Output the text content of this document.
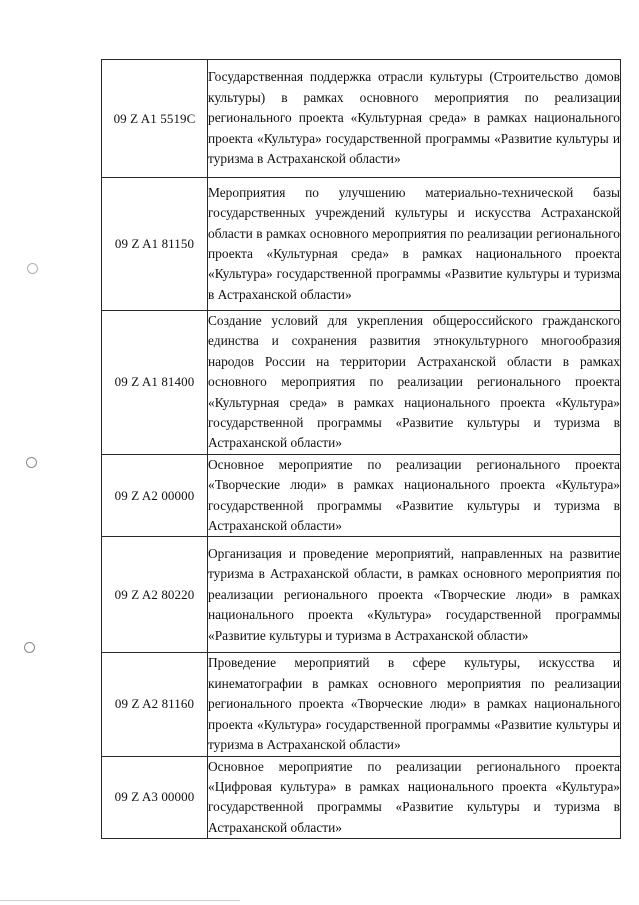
09 Z A1 5519C	Государственная поддержка отрасли культуры (Строительство домов культуры) в рамках основного мероприятия по реализации регионального проекта «Культурная среда» в рамках национального проекта «Культура» государственной программы «Развитие культуры и туризма в Астраханской области»
09 Z A1 81150	Мероприятия по улучшению материально-технической базы государственных учреждений культуры и искусства Астраханской области в рамках основного мероприятия по реализации регионального проекта «Культурная среда» в рамках национального проекта «Культура» государственной программы «Развитие культуры и туризма в Астраханской области»
09 Z A1 81400	Создание условий для укрепления общероссийского гражданского единства и сохранения развития этнокультурного многообразия народов России на территории Астраханской области в рамках основного мероприятия по реализации регионального проекта «Культурная среда» в рамках национального проекта «Культура» государственной программы «Развитие культуры и туризма в Астраханской области»
09 Z A2 00000	Основное мероприятие по реализации регионального проекта «Творческие люди» в рамках национального проекта «Культура» государственной программы «Развитие культуры и туризма в Астраханской области»
09 Z A2 80220	Организация и проведение мероприятий, направленных на развитие туризма в Астраханской области, в рамках основного мероприятия по реализации регионального проекта «Творческие люди» в рамках национального проекта «Культура» государственной программы «Развитие культуры и туризма в Астраханской области»
09 Z A2 81160	Проведение мероприятий в сфере культуры, искусства и кинематографии в рамках основного мероприятия по реализации регионального проекта «Творческие люди» в рамках национального проекта «Культура» государственной программы «Развитие культуры и туризма в Астраханской области»
09 Z A3 00000	Основное мероприятие по реализации регионального проекта «Цифровая культура» в рамках национального проекта «Культура» государственной программы «Развитие культуры и туризма в Астраханской области»
